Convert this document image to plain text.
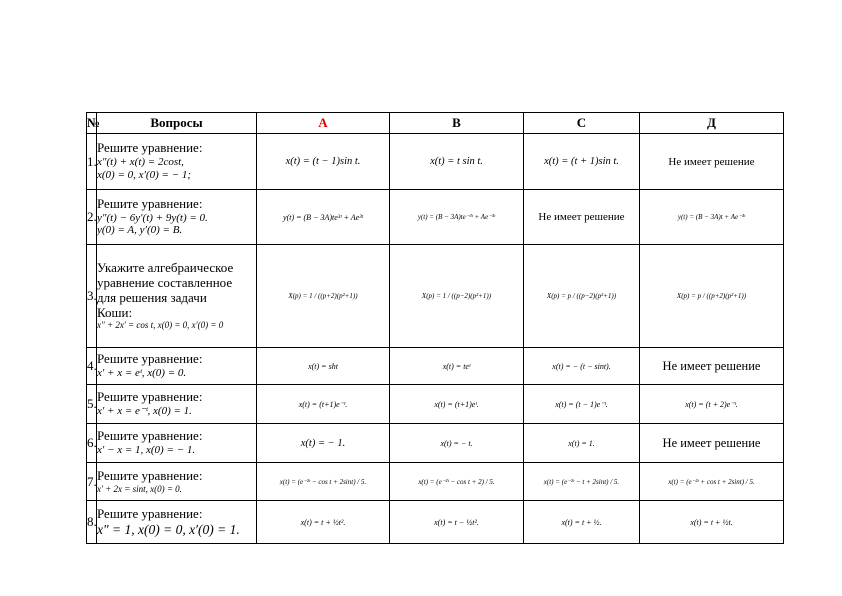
№	Вопросы	A	B	C	Д
1.	Решите уравнение:
x″(t) + x(t) = 2cost,
x(0) = 0, x′(0) = − 1;	x(t) = (t − 1)sin t.	x(t) = t sin t.	x(t) = (t + 1)sin t.	Не имеет решение
2.	Решите уравнение:
y″(t) − 6y′(t) + 9y(t) = 0.
y(0) = A, y′(0) = B.	y(t) = (B − 3A)te³ᵗ + Ae³ᵗ	y(t) = (B − 3A)te⁻³ᵗ + Ae⁻³ᵗ	Не имеет решение	y(t) = (B − 3A)t + Ae⁻³ᵗ
3.	Укажите алгебраическое
уравнение составленное
для решения задачи
Коши:
x″ + 2x′ = cos t, x(0) = 0, x′(0) = 0	X(p) = 1 / ((p+2)(p²+1))	X(p) = 1 / ((p−2)(p²+1))	X(p) = p / ((p−2)(p²+1))	X(p) = p / ((p+2)(p²+1))
4.	Решите уравнение:
x′ + x = eᵗ, x(0) = 0.	x(t) = sht	x(t) = teᵗ	x(t) = − (t − sint).	Не имеет решение
5.	Решите уравнение:
x′ + x = e⁻ᵗ, x(0) = 1.	x(t) = (t+1)e⁻ᵗ.	x(t) = (t+1)eᵗ.	x(t) = (t − 1)e⁻ᵗ.	x(t) = (t + 2)e⁻ᵗ.
6.	Решите уравнение:
x′ − x = 1, x(0) = − 1.	x(t) = − 1.	x(t) = − t.	x(t) = 1.	Не имеет решение
7.	Решите уравнение:
x′ + 2x = sint, x(0) = 0.	x(t) = (e⁻²ᵗ − cos t + 2sint) / 5.	x(t) = (e⁻²ᵗ − cos t + 2) / 5.	x(t) = (e⁻²ᵗ − t + 2sint) / 5.	x(t) = (e⁻²ᵗ + cos t + 2sint) / 5.
8.	Решите уравнение:
x″ = 1, x(0) = 0, x′(0) = 1.	x(t) = t + ½t².	x(t) = t − ½t².	x(t) = t + ½.	x(t) = t + ½t.
